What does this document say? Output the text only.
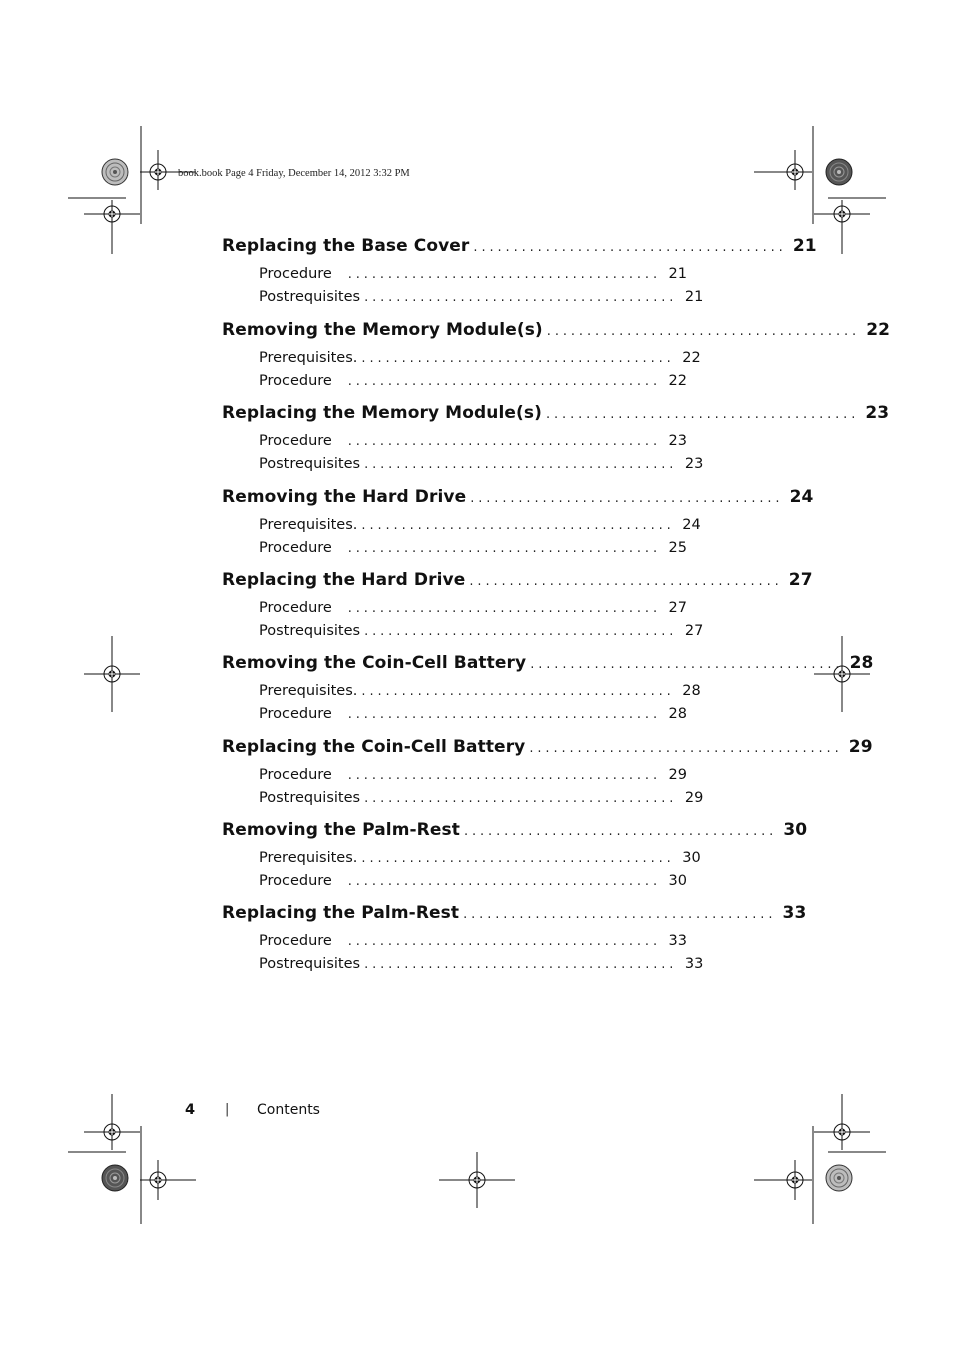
book.book Page 4 Friday, December 14, 2012 3:32 PM
Replacing the Base Cover ....................................... 21
Procedure	....................................... 21
Postrequisites ....................................... 21
Removing the Memory Module(s) ....................................... 22
Prerequisites. ....................................... 22
Procedure	....................................... 22
Replacing the Memory Module(s) ....................................... 23
Procedure	....................................... 23
Postrequisites ....................................... 23
Removing the Hard Drive ....................................... 24
Prerequisites. ....................................... 24
Procedure	....................................... 25
Replacing the Hard Drive ....................................... 27
Procedure	....................................... 27
Postrequisites ....................................... 27
Removing the Coin-Cell Battery ....................................... 28
Prerequisites. ....................................... 28
Procedure	....................................... 28
Replacing the Coin-Cell Battery ....................................... 29
Procedure	....................................... 29
Postrequisites ....................................... 29
Removing the Palm-Rest ....................................... 30
Prerequisites. ....................................... 30
Procedure	....................................... 30
Replacing the Palm-Rest ....................................... 33
Procedure	....................................... 33
Postrequisites ....................................... 33
4 | Contents
